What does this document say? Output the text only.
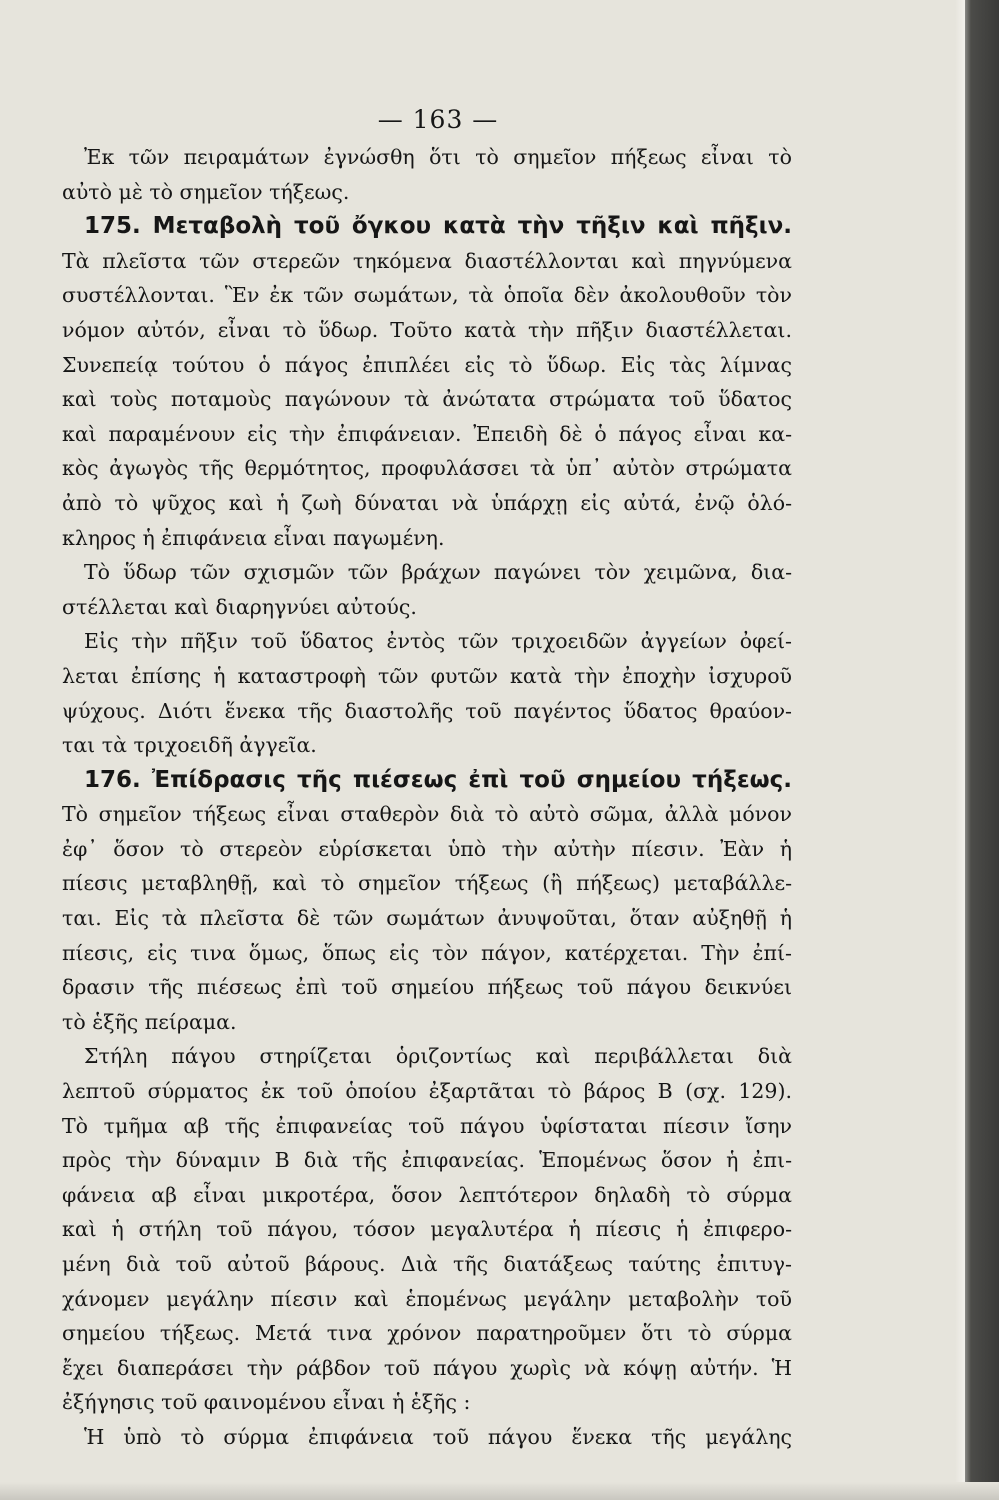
— 163 —
Ἐκ τῶν πειραμάτων ἐγνώσθη ὅτι τὸ σημεῖον πήξεως εἶναι τὸ
αὐτὸ μὲ τὸ σημεῖον τήξεως.
175. Μεταβολὴ τοῦ ὄγκου κατὰ τὴν τῆξιν καὶ πῆξιν.
Τὰ πλεῖστα τῶν στερεῶν τηκόμενα διαστέλλονται καὶ πηγνύμενα
συστέλλονται. Ἓν ἐκ τῶν σωμάτων, τὰ ὁποῖα δὲν ἀκολουθοῦν τὸν
νόμον αὐτόν, εἶναι τὸ ὕδωρ. Τοῦτο κατὰ τὴν πῆξιν διαστέλλεται.
Συνεπείᾳ τούτου ὁ πάγος ἐπιπλέει εἰς τὸ ὕδωρ. Εἰς τὰς λίμνας
καὶ τοὺς ποταμοὺς παγώνουν τὰ ἀνώτατα στρώματα τοῦ ὕδατος
καὶ παραμένουν εἰς τὴν ἐπιφάνειαν. Ἐπειδὴ δὲ ὁ πάγος εἶναι κα-
κὸς ἀγωγὸς τῆς θερμότητος, προφυλάσσει τὰ ὑπ᾽ αὐτὸν στρώματα
ἀπὸ τὸ ψῦχος καὶ ἡ ζωὴ δύναται νὰ ὑπάρχῃ εἰς αὐτά, ἐνῷ ὁλό-
κληρος ἡ ἐπιφάνεια εἶναι παγωμένη.
Τὸ ὕδωρ τῶν σχισμῶν τῶν βράχων παγώνει τὸν χειμῶνα, δια-
στέλλεται καὶ διαρηγνύει αὐτούς.
Εἰς τὴν πῆξιν τοῦ ὕδατος ἐντὸς τῶν τριχοειδῶν ἀγγείων ὀφεί-
λεται ἐπίσης ἡ καταστροφὴ τῶν φυτῶν κατὰ τὴν ἐποχὴν ἰσχυροῦ
ψύχους. Διότι ἕνεκα τῆς διαστολῆς τοῦ παγέντος ὕδατος θραύον-
ται τὰ τριχοειδῆ ἀγγεῖα.
176. Ἐπίδρασις τῆς πιέσεως ἐπὶ τοῦ σημείου τήξεως.
Τὸ σημεῖον τήξεως εἶναι σταθερὸν διὰ τὸ αὐτὸ σῶμα, ἀλλὰ μόνον
ἐφ᾽ ὅσον τὸ στερεὸν εὑρίσκεται ὑπὸ τὴν αὐτὴν πίεσιν. Ἐὰν ἡ
πίεσις μεταβληθῇ, καὶ τὸ σημεῖον τήξεως (ἢ πήξεως) μεταβάλλε-
ται. Εἰς τὰ πλεῖστα δὲ τῶν σωμάτων ἀνυψοῦται, ὅταν αὐξηθῇ ἡ
πίεσις, εἰς τινα ὅμως, ὅπως εἰς τὸν πάγον, κατέρχεται. Τὴν ἐπί-
δρασιν τῆς πιέσεως ἐπὶ τοῦ σημείου πήξεως τοῦ πάγου δεικνύει
τὸ ἑξῆς πείραμα.
Στήλη πάγου στηρίζεται ὁριζοντίως καὶ περιβάλλεται διὰ
λεπτοῦ σύρματος ἐκ τοῦ ὁποίου ἐξαρτᾶται τὸ βάρος Β (σχ. 129).
Τὸ τμῆμα αβ τῆς ἐπιφανείας τοῦ πάγου ὑφίσταται πίεσιν ἴσην
πρὸς τὴν δύναμιν Β διὰ τῆς ἐπιφανείας. Ἑπομένως ὅσον ἡ ἐπι-
φάνεια αβ εἶναι μικροτέρα, ὅσον λεπτότερον δηλαδὴ τὸ σύρμα
καὶ ἡ στήλη τοῦ πάγου, τόσον μεγαλυτέρα ἡ πίεσις ἡ ἐπιφερο-
μένη διὰ τοῦ αὐτοῦ βάρους. Διὰ τῆς διατάξεως ταύτης ἐπιτυγ-
χάνομεν μεγάλην πίεσιν καὶ ἑπομένως μεγάλην μεταβολὴν τοῦ
σημείου τήξεως. Μετά τινα χρόνον παρατηροῦμεν ὅτι τὸ σύρμα
ἔχει διαπεράσει τὴν ράβδον τοῦ πάγου χωρὶς νὰ κόψῃ αὐτήν. Ἡ
ἐξήγησις τοῦ φαινομένου εἶναι ἡ ἑξῆς :
Ἡ ὑπὸ τὸ σύρμα ἐπιφάνεια τοῦ πάγου ἕνεκα τῆς μεγάλης
